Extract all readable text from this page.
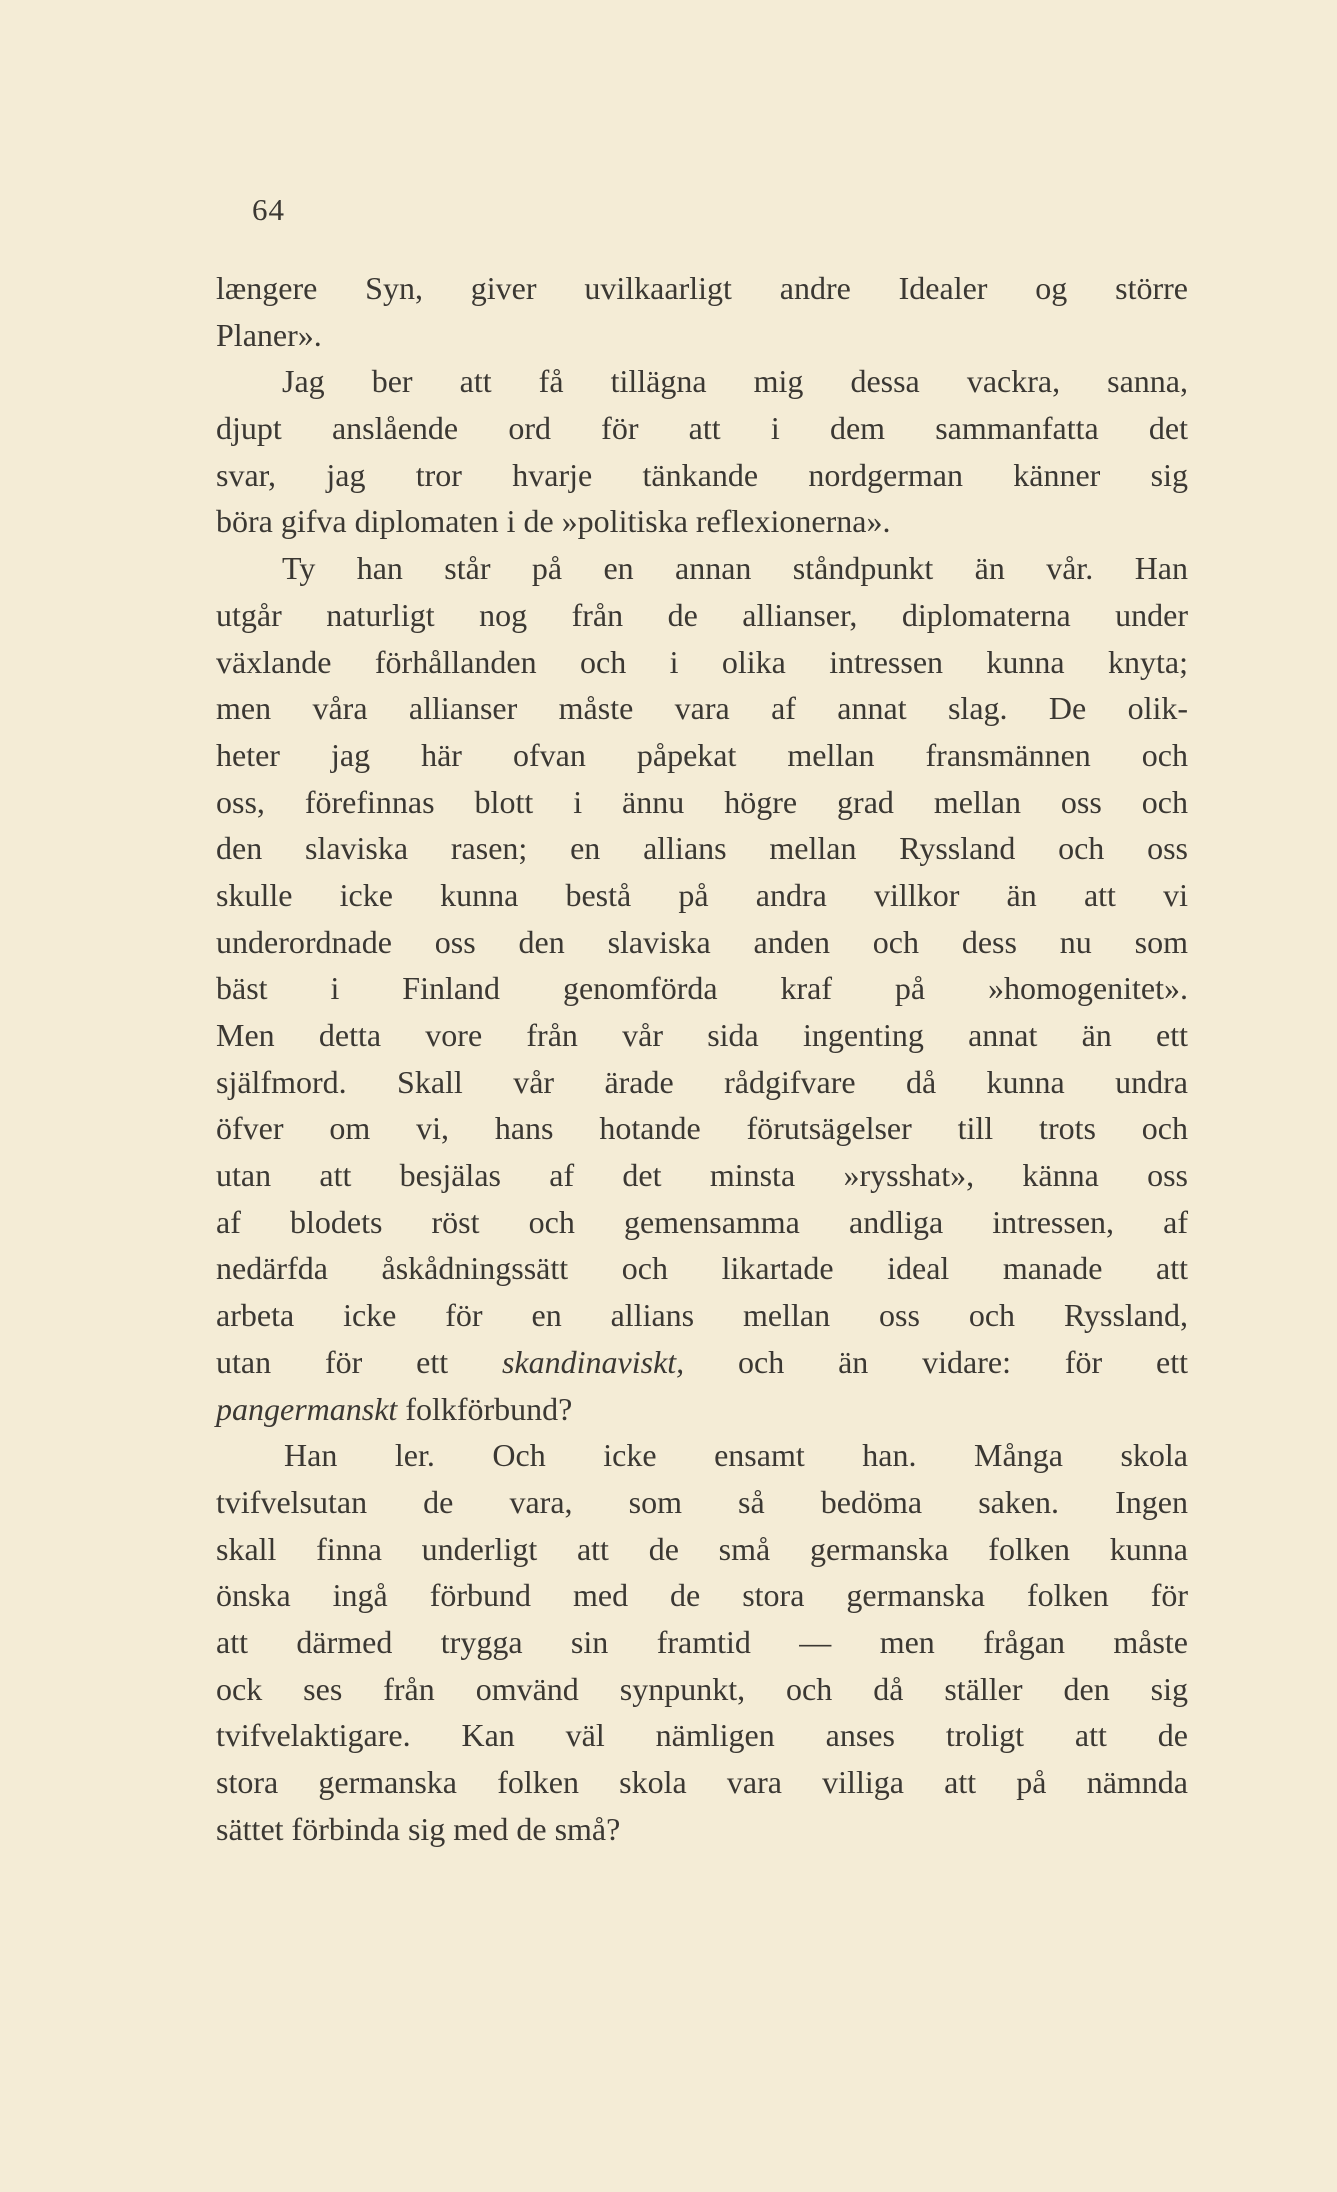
64
længere Syn, giver uvilkaarligt andre Idealer og större
Planer».
Jag ber att få tillägna mig dessa vackra, sanna,
djupt anslående ord för att i dem sammanfatta det
svar, jag tror hvarje tänkande nordgerman känner sig
böra gifva diplomaten i de »politiska reflexionerna».
Ty han står på en annan ståndpunkt än vår. Han
utgår naturligt nog från de allianser, diplomaterna under
växlande förhållanden och i olika intressen kunna knyta;
men våra allianser måste vara af annat slag. De olik-
heter jag här ofvan påpekat mellan fransmännen och
oss, förefinnas blott i ännu högre grad mellan oss och
den slaviska rasen; en allians mellan Ryssland och oss
skulle icke kunna bestå på andra villkor än att vi
underordnade oss den slaviska anden och dess nu som
bäst i Finland genomförda kraf på »homogenitet».
Men detta vore från vår sida ingenting annat än ett
själfmord. Skall vår ärade rådgifvare då kunna undra
öfver om vi, hans hotande förutsägelser till trots och
utan att besjälas af det minsta »rysshat», känna oss
af blodets röst och gemensamma andliga intressen, af
nedärfda åskådningssätt och likartade ideal manade att
arbeta icke för en allians mellan oss och Ryssland,
utan för ett skandinaviskt, och än vidare: för ett
pangermanskt folkförbund?
Han ler. Och icke ensamt han. Många skola
tvifvelsutan de vara, som så bedöma saken. Ingen
skall finna underligt att de små germanska folken kunna
önska ingå förbund med de stora germanska folken för
att därmed trygga sin framtid — men frågan måste
ock ses från omvänd synpunkt, och då ställer den sig
tvifvelaktigare. Kan väl nämligen anses troligt att de
stora germanska folken skola vara villiga att på nämnda
sättet förbinda sig med de små?
